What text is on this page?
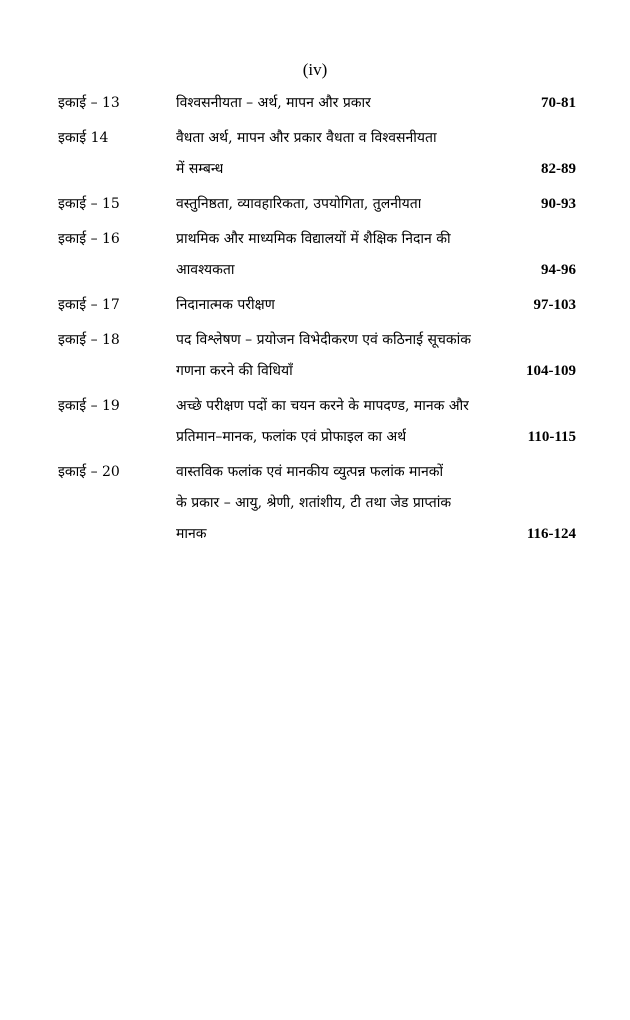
(iv)
इकाई – 13	विश्वसनीयता – अर्थ, मापन और प्रकार	70-81
इकाई 14	वैधता अर्थ, मापन और प्रकार वैधता व विश्वसनीयता
में सम्बन्ध	82-89
इकाई – 15	वस्तुनिष्ठता, व्यावहारिकता, उपयोगिता, तुलनीयता	90-93
इकाई – 16	प्राथमिक और माध्यमिक विद्यालयों में शैक्षिक निदान की
आवश्यकता	94-96
इकाई – 17	निदानात्मक परीक्षण	97-103
इकाई – 18	पद विश्लेषण – प्रयोजन विभेदीकरण एवं कठिनाई सूचकांक
गणना करने की विधियाँ	104-109
इकाई – 19	अच्छे परीक्षण पदों का चयन करने के मापदण्ड, मानक और
प्रतिमान–मानक, फलांक एवं प्रोफाइल का अर्थ	110-115
इकाई – 20	वास्तविक फलांक एवं मानकीय व्युत्पन्न फलांक मानकों
के प्रकार – आयु, श्रेणी, शतांशीय, टी तथा जेड प्राप्तांक
मानक	116-124
